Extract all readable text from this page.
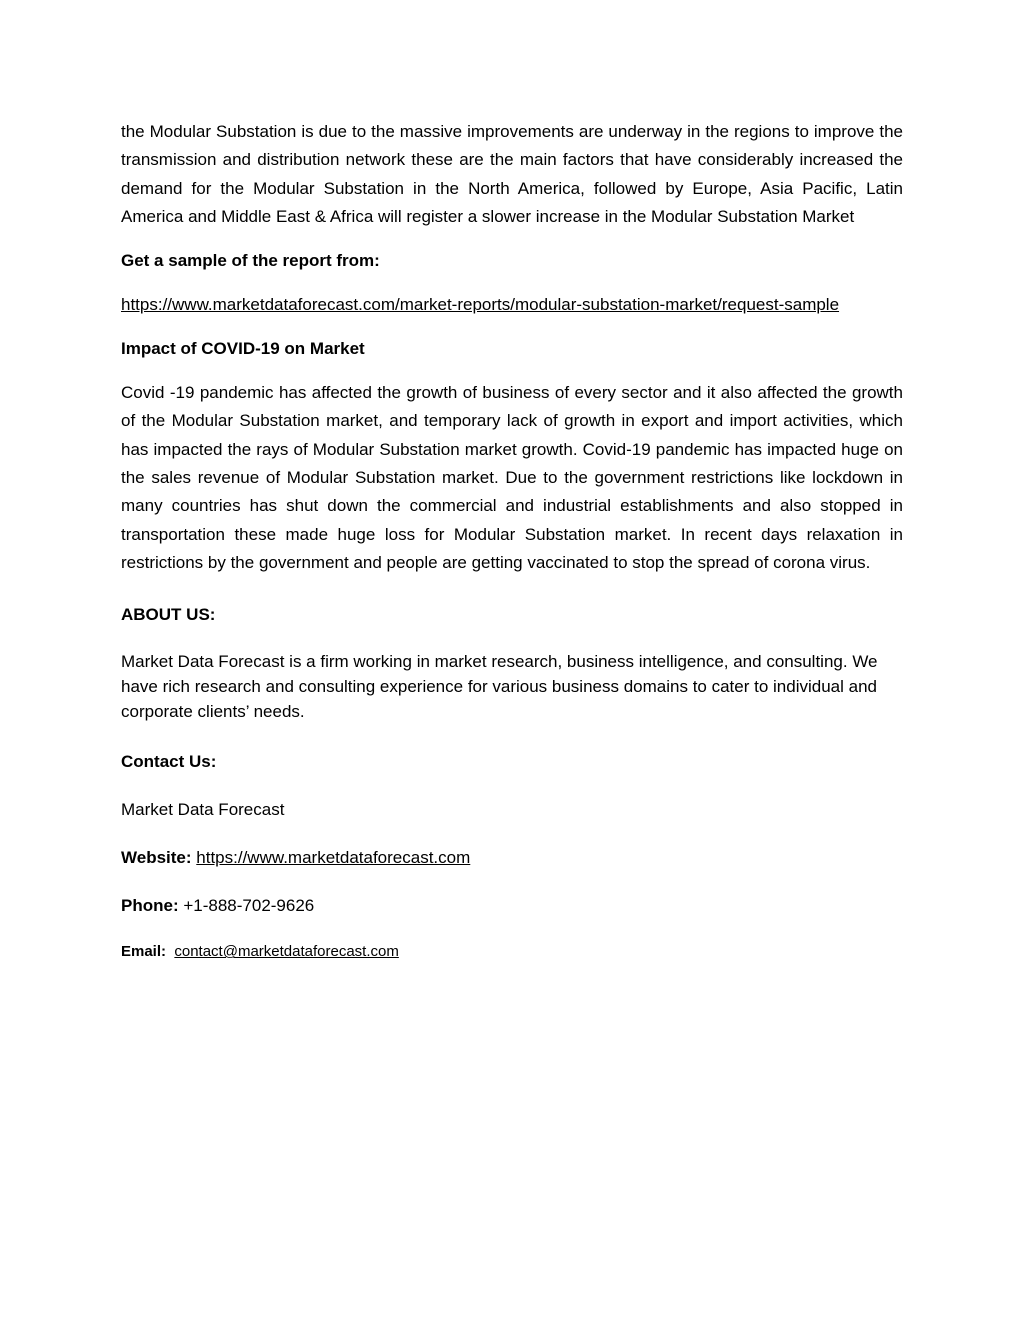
the Modular Substation is due to the massive improvements are underway in the regions to improve the transmission and distribution network these are the main factors that have considerably increased the demand for the Modular Substation in the North America, followed by Europe, Asia Pacific, Latin America and Middle East & Africa will register a slower increase in the Modular Substation Market

Get a sample of the report from:

https://www.marketdataforecast.com/market-reports/modular-substation-market/request-sample

Impact of COVID-19 on Market

Covid -19 pandemic has affected the growth of business of every sector and it also affected the growth of the Modular Substation market, and temporary lack of growth in export and import activities, which has impacted the rays of Modular Substation market growth. Covid-19 pandemic has impacted huge on the sales revenue of Modular Substation market. Due to the government restrictions like lockdown in many countries has shut down the commercial and industrial establishments and also stopped in transportation these made huge loss for Modular Substation market. In recent days relaxation in restrictions by the government and people are getting vaccinated to stop the spread of corona virus.

ABOUT US:

Market Data Forecast is a firm working in market research, business intelligence, and consulting. We have rich research and consulting experience for various business domains to cater to individual and corporate clients’ needs.

Contact Us:

Market Data Forecast

Website: https://www.marketdataforecast.com

Phone: +1-888-702-9626

Email: contact@marketdataforecast.com
